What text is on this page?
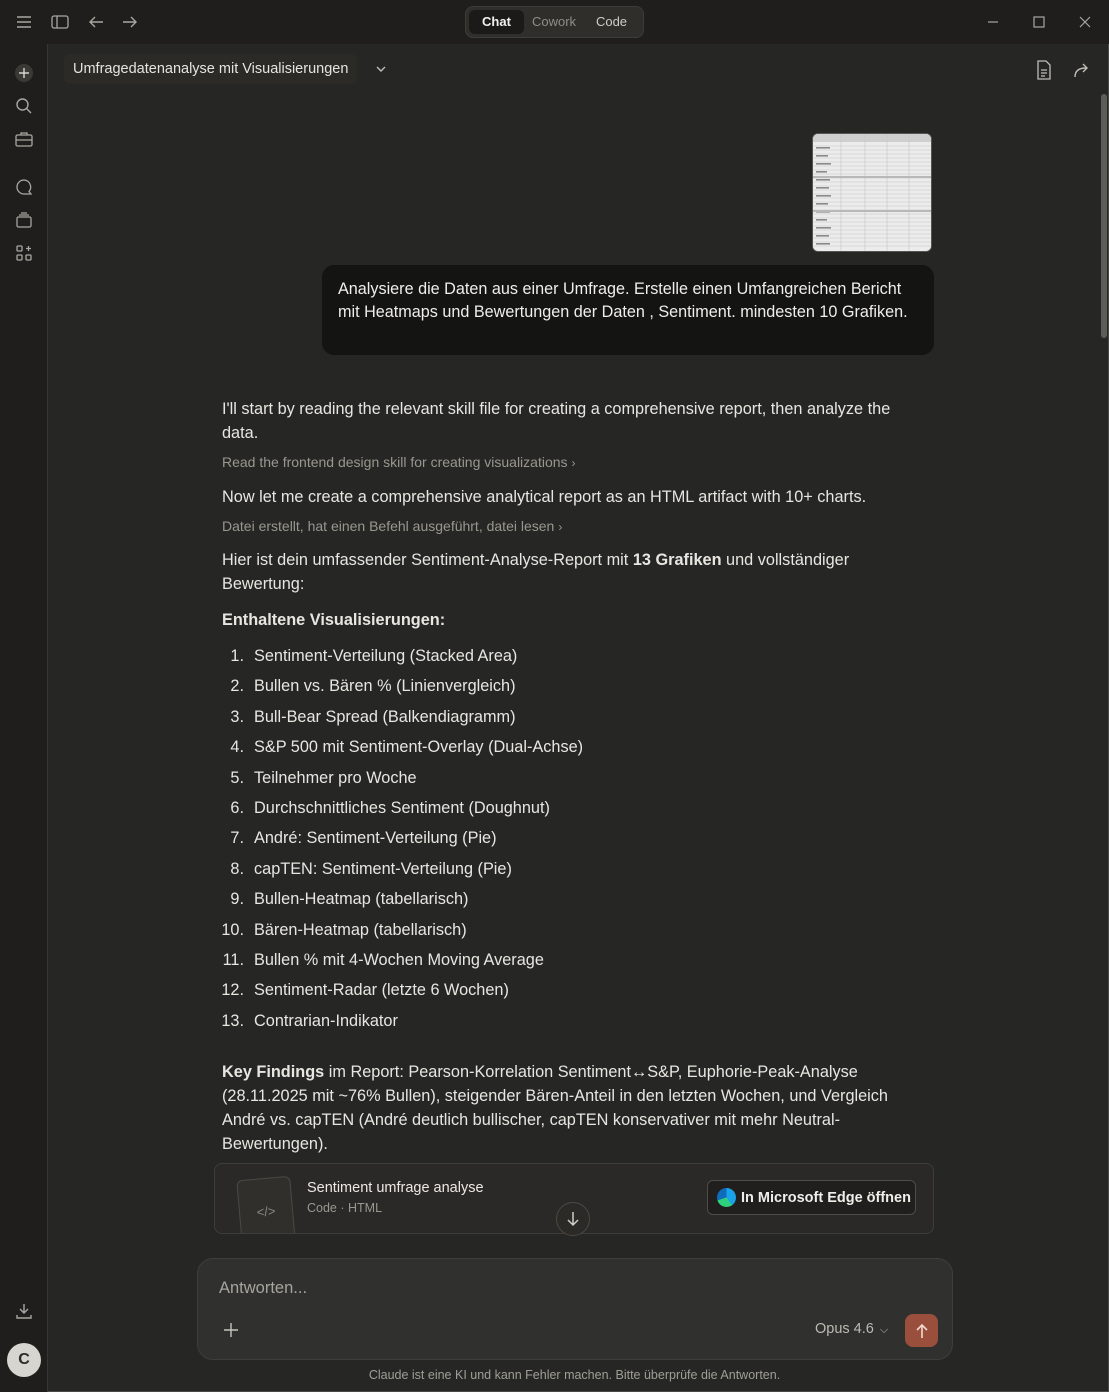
Chat	Cowork	Code
C
Umfragedatenanalyse mit Visualisierungen
Analysiere die Daten aus einer Umfrage. Erstelle einen Umfangreichen Bericht mit Heatmaps und Bewertungen der Daten , Sentiment. mindesten 10 Grafiken.
I'll start by reading the relevant skill file for creating a comprehensive report, then analyze the data.
Read the frontend design skill for creating visualizations ›
Now let me create a comprehensive analytical report as an HTML artifact with 10+ charts.
Datei erstellt, hat einen Befehl ausgeführt, datei lesen ›
Hier ist dein umfassender Sentiment-Analyse-Report mit 13 Grafiken und vollständiger Bewertung:
Enthaltene Visualisierungen:
1. Sentiment-Verteilung (Stacked Area)
2. Bullen vs. Bären % (Linienvergleich)
3. Bull-Bear Spread (Balkendiagramm)
4. S&P 500 mit Sentiment-Overlay (Dual-Achse)
5. Teilnehmer pro Woche
6. Durchschnittliches Sentiment (Doughnut)
7. André: Sentiment-Verteilung (Pie)
8. capTEN: Sentiment-Verteilung (Pie)
9. Bullen-Heatmap (tabellarisch)
10. Bären-Heatmap (tabellarisch)
11. Bullen % mit 4-Wochen Moving Average
12. Sentiment-Radar (letzte 6 Wochen)
13. Contrarian-Indikator
Key Findings im Report: Pearson-Korrelation Sentiment↔S&P, Euphorie-Peak-Analyse (28.11.2025 mit ~76% Bullen), steigender Bären-Anteil in den letzten Wochen, und Vergleich André vs. capTEN (André deutlich bullischer, capTEN konservativer mit mehr Neutral-Bewertungen).
</>
Sentiment umfrage analyse
Code · HTML
In Microsoft Edge öffnen
Antworten...
Opus 4.6 ⌵
Claude ist eine KI und kann Fehler machen. Bitte überprüfe die Antworten.
